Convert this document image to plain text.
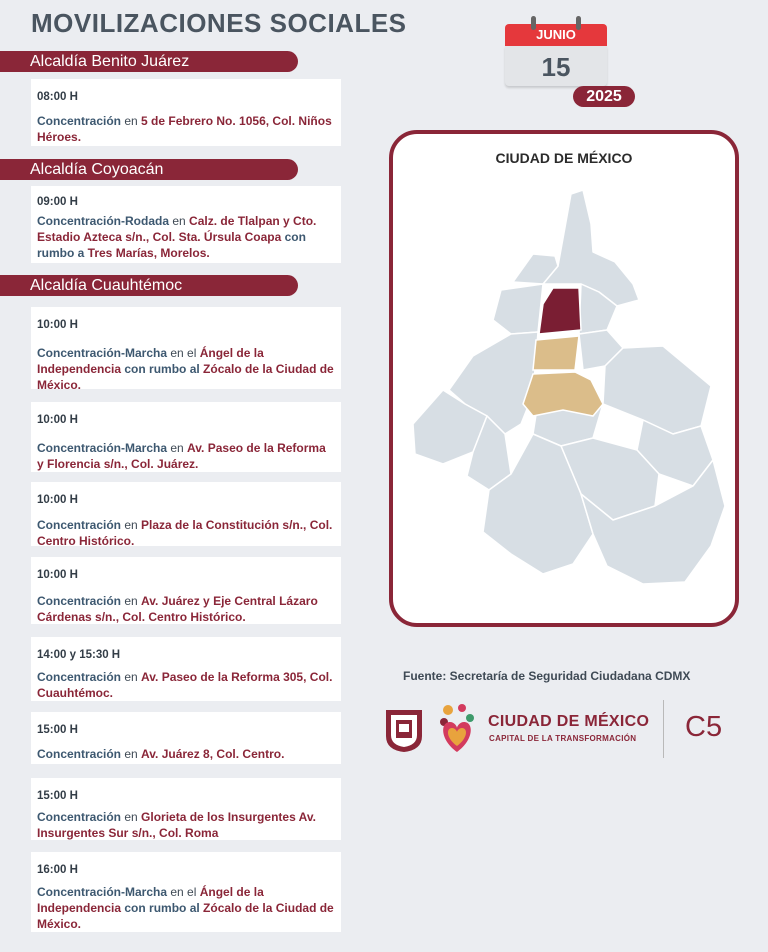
MOVILIZACIONES SOCIALES
Alcaldía Benito Juárez
08:00 H
Concentración en 5 de Febrero No. 1056, Col. Niños Héroes.
Alcaldía Coyoacán
09:00 H
Concentración-Rodada en Calz. de Tlalpan y Cto. Estadio Azteca s/n., Col. Sta. Úrsula Coapa con rumbo a Tres Marías, Morelos.
Alcaldía Cuauhtémoc
10:00 H
Concentración-Marcha en el Ángel de la Independencia con rumbo al Zócalo de la Ciudad de México.
10:00 H
Concentración-Marcha en Av. Paseo de la Reforma y Florencia s/n., Col. Juárez.
10:00 H
Concentración en Plaza de la Constitución s/n., Col. Centro Histórico.
10:00 H
Concentración en Av. Juárez y Eje Central Lázaro Cárdenas s/n., Col. Centro Histórico.
14:00 y 15:30 H
Concentración en Av. Paseo de la Reforma 305, Col. Cuauhtémoc.
15:00 H
Concentración en Av. Juárez 8, Col. Centro.
15:00 H
Concentración en Glorieta de los Insurgentes Av. Insurgentes Sur s/n., Col. Roma
16:00 H
Concentración-Marcha en el Ángel de la Independencia con rumbo al Zócalo de la Ciudad de México.
JUNIO
15
2025
CIUDAD DE MÉXICO
Fuente: Secretaría de Seguridad Ciudadana CDMX
CIUDAD DE MÉXICO
CAPITAL DE LA TRANSFORMACIÓN C5
